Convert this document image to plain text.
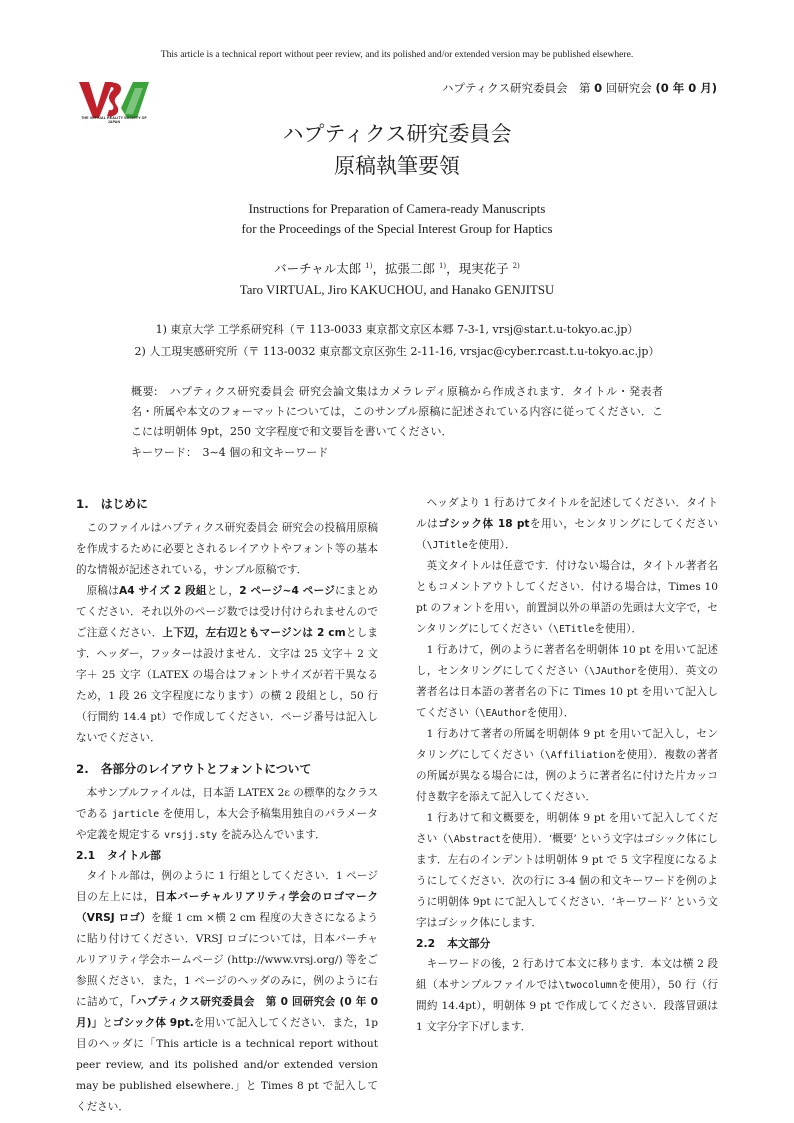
This article is a technical report without peer review, and its polished and/or extended version may be published elsewhere.
THE VIRTUAL REALITY SOCIETY OF JAPAN
ハプティクス研究委員会　第 0 回研究会 (0 年 0 月)
ハプティクス研究委員会
原稿執筆要領
Instructions for Preparation of Camera-ready Manuscripts
for the Proceedings of the Special Interest Group for Haptics
バーチャル太郎 $^{1)}$，拡張二郎 $^{1)}$，現実花子 $^{2)}$
Taro VIRTUAL, Jiro KAKUCHOU, and Hanako GENJITSU
1) 東京大学 工学系研究科（〒 113-0033 東京都文京区本郷 7-3-1, vrsj@star.t.u-tokyo.ac.jp）
2) 人工現実感研究所（〒 113-0032 東京都文京区弥生 2-11-16, vrsjac@cyber.rcast.t.u-tokyo.ac.jp）
概要:　 ハプティクス研究委員会 研究会論文集はカメラレディ原稿から作成されます．タイトル・発表者名・所属や本文のフォーマットについては，このサンプル原稿に記述されている内容に従ってください．ここには明朝体 9pt，250 文字程度で和文要旨を書いてください．
キーワード：　 3∼4 個の和文キーワード
1. はじめに

このファイルはハプティクス研究委員会 研究会の投稿用原稿を作成するために必要とされるレイアウトやフォント等の基本的な情報が記述されている，サンプル原稿です．

原稿はA4 サイズ 2 段組とし，2 ページ∼4 ページにまとめてください．それ以外のページ数では受け付けられませんのでご注意ください．上下辺，左右辺ともマージンは 2 cmとします．ヘッダー，フッターは設けません．文字は 25 文字＋ 2 文字＋ 25 文字（LATEX の場合はフォントサイズが若干異なるため，1 段 26 文字程度になります）の横 2 段組とし，50 行（行間約 14.4 pt）で作成してください．ページ番号は記入しないでください．

2. 各部分のレイアウトとフォントについて

本サンプルファイルは，日本語 LATEX 2ε の標準的なクラスである jarticle を使用し，本大会予稿集用独自のパラメータや定義を規定する vrsjj.sty を読み込んでいます．

2.1 タイトル部

タイトル部は，例のように 1 行組としてください．1 ページ目の左上には，日本バーチャルリアリティ学会のロゴマーク（VRSJ ロゴ）を縦 1 cm ×横 2 cm 程度の大きさになるように貼り付けてください．VRSJ ロゴについては，日本バーチャルリアリティ学会ホームページ (http://www.vrsj.org/) 等をご参照ください．また，1 ページのヘッダのみに，例のように右に詰めて，「ハプティクス研究委員会　第 0 回研究会 (0 年 0 月)」とゴシック体 9pt.を用いて記入してください．また，1p 目のヘッダに「This article is a technical report without peer review, and its polished and/or extended version may be published elsewhere.」と Times 8 pt で記入してください．

ヘッダより 1 行あけてタイトルを記述してください．タイトルはゴシック体 18 ptを用い，センタリングにしてください（\JTitleを使用）．

英文タイトルは任意です．付けない場合は，タイトル著者名ともコメントアウトしてください．付ける場合は，Times 10 pt のフォントを用い，前置詞以外の単語の先頭は大文字で，センタリングにしてください（\ETitleを使用）．

1 行あけて，例のように著者名を明朝体 10 pt を用いて記述し，センタリングにしてください（\JAuthorを使用）．英文の著者名は日本語の著者名の下に Times 10 pt を用いて記入してください（\EAuthorを使用）．

1 行あけて著者の所属を明朝体 9 pt を用いて記入し，センタリングにしてください（\Affiliationを使用）．複数の著者の所属が異なる場合には，例のように著者名に付けた片カッコ付き数字を添えて記入してください．

1 行あけて和文概要を，明朝体 9 pt を用いて記入してください（\Abstractを使用）．‘概要’ という文字はゴシック体にします．左右のインデントは明朝体 9 pt で 5 文字程度になるようにしてください．次の行に 3-4 個の和文キーワードを例のように明朝体 9pt にて記入してください．‘キーワード’ という文字はゴシック体にします．

2.2 本文部分

キーワードの後，2 行あけて本文に移ります．本文は横 2 段組（本サンプルファイルでは\twocolumnを使用），50 行（行間約 14.4pt），明朝体 9 pt で作成してください．段落冒頭は 1 文字分字下げします．
